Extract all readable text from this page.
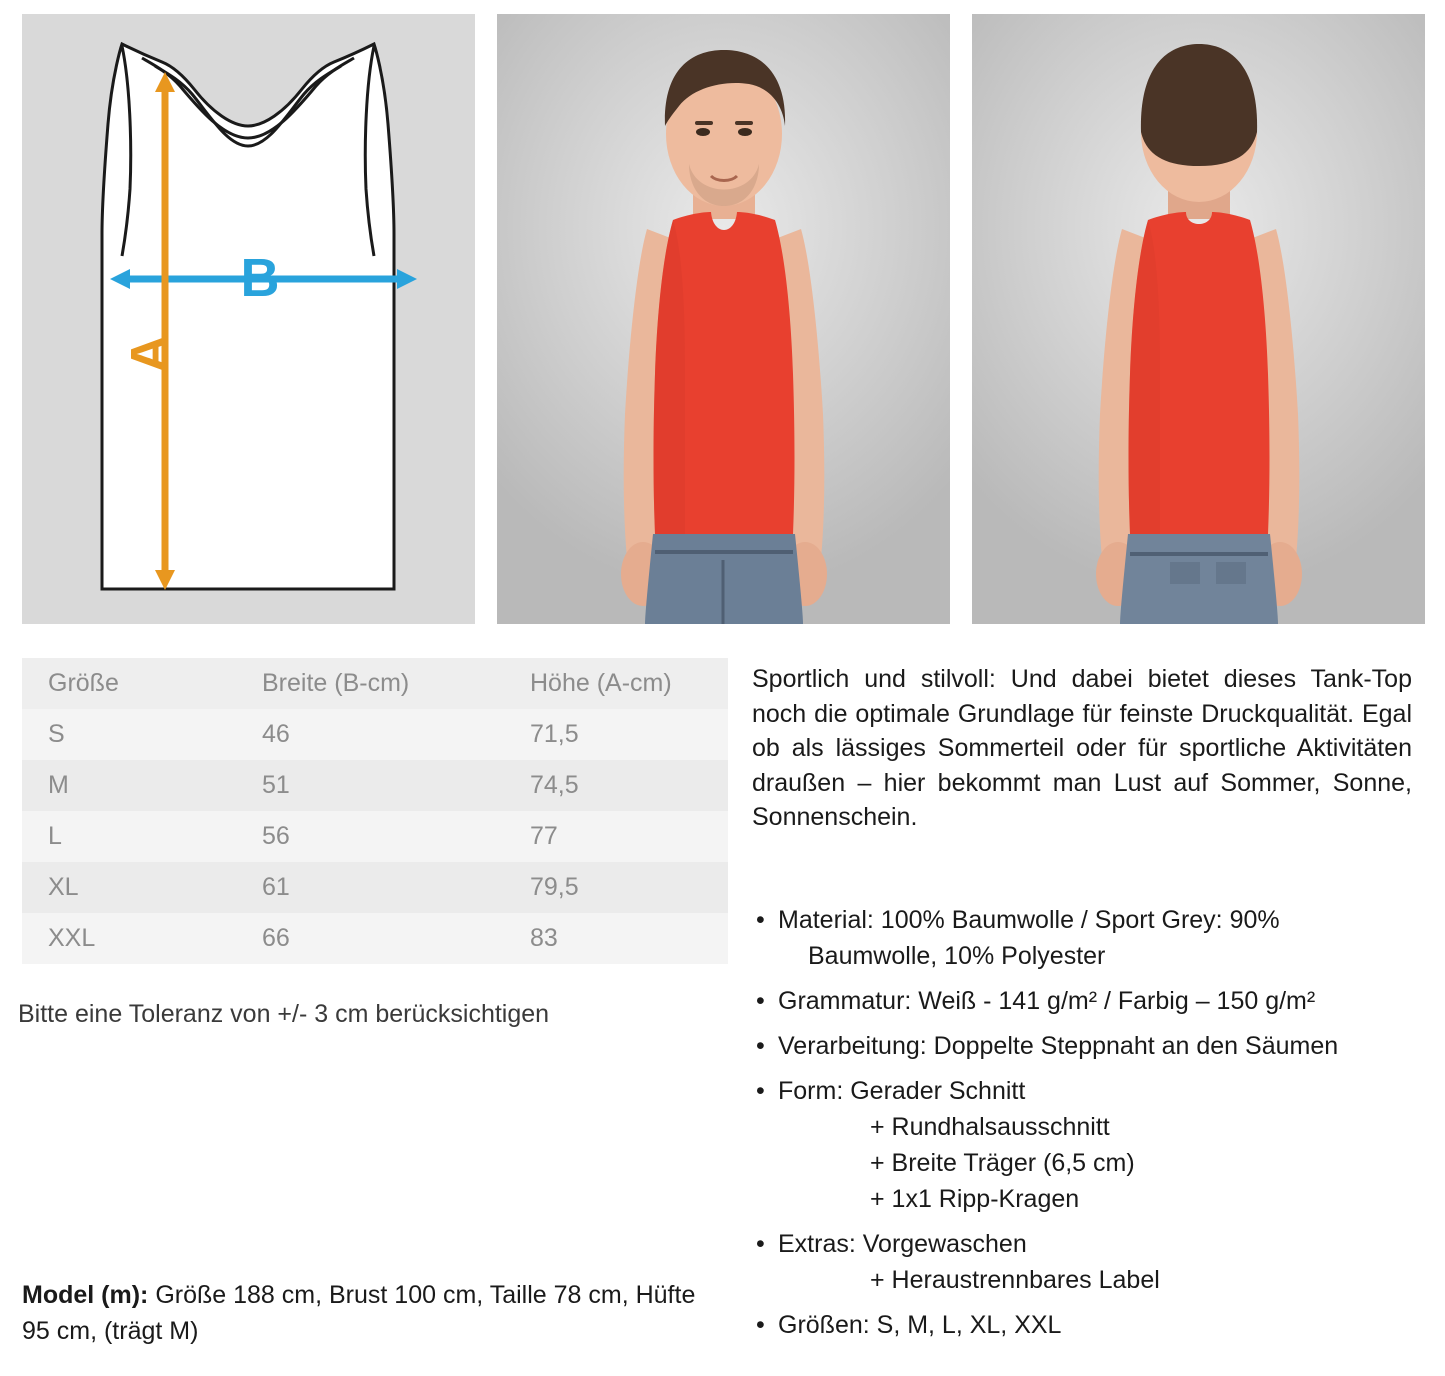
B
A
Größe	Breite (B-cm)	Höhe (A-cm)
S	46	71,5
M	51	74,5
L	56	77
XL	61	79,5
XXL	66	83
Bitte eine Toleranz von +/- 3 cm berücksichtigen
Model (m): Größe 188 cm, Brust 100 cm, Taille 78 cm, Hüfte 95 cm, (trägt M)
Sportlich und stilvoll: Und dabei bietet dieses Tank-Top noch die optimale Grundlage für feinste Druckqualität. Egal ob als lässiges Sommerteil oder für sportliche Aktivitäten draußen – hier bekommt man Lust auf Sommer, Sonne, Sonnenschein.
• Material: 100% Baumwolle / Sport Grey: 90%
Baumwolle, 10% Polyester
• Grammatur: Weiß - 141 g/m² / Farbig – 150 g/m²
• Verarbeitung: Doppelte Steppnaht an den Säumen
• Form: Gerader Schnitt
+ Rundhalsausschnitt
+ Breite Träger (6,5 cm)
+ 1x1 Ripp-Kragen
• Extras: Vorgewaschen
+ Heraustrennbares Label
• Größen: S, M, L, XL, XXL
